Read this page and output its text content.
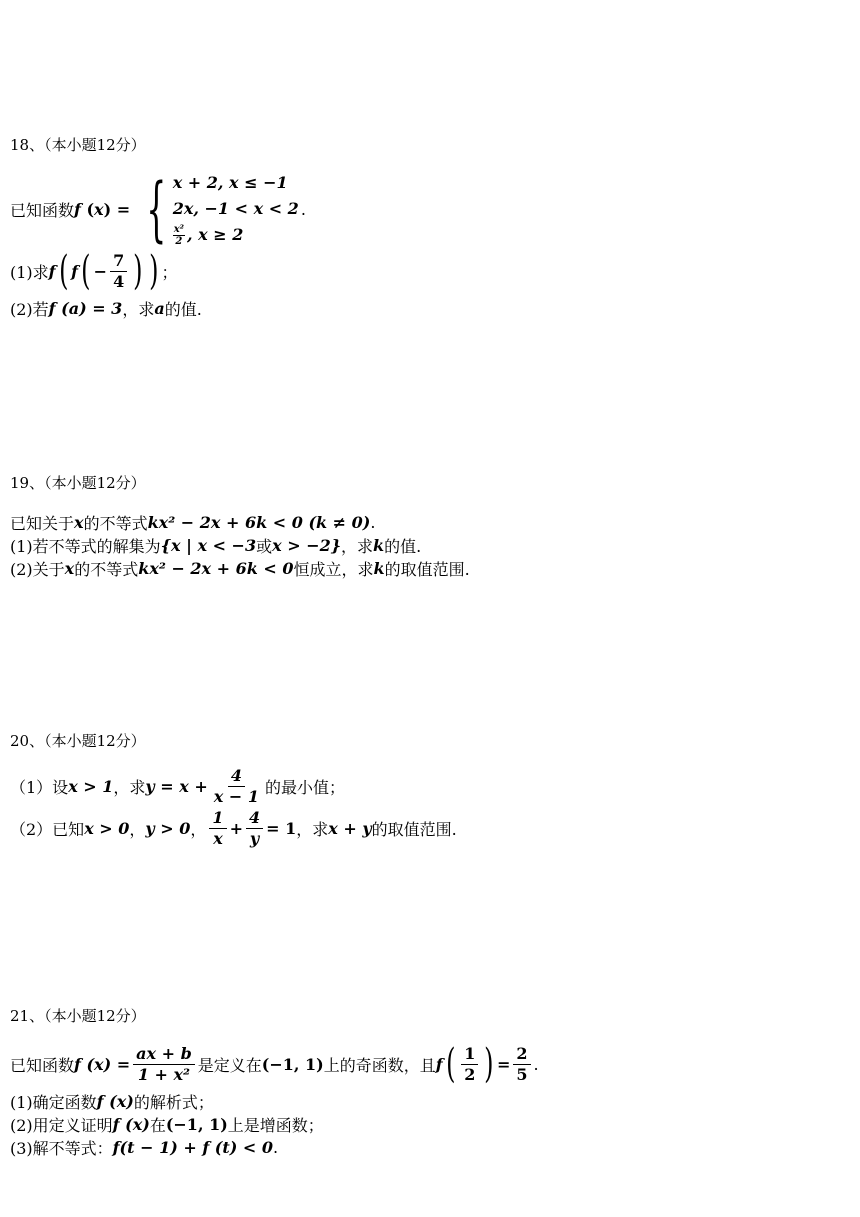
18、（本小题12分）
已知函数 f ( x ) = { x + 2, x ≤ −1
2x, −1 < x < 2
$\frac{\text{x²}}{2}$ , x ≥ 2
.
(1)求 f ( f ( − $\frac{7}{4}$ ) ) ；
(2)若 f (a) = 3 ，求 a 的值.
19、（本小题12分）
已知关于 x 的不等式 kx² − 2x + 6k < 0 (k ≠ 0) .
(1)若不等式的解集为 {x | x < −3 或 x > −2} ，求 k 的值.
(2)关于 x 的不等式 kx² − 2x + 6k < 0 恒成立，求 k 的取值范围.
20、（本小题12分）
（1）设 x > 1 ，求 $y = x + \frac{4}{x - 1}$ 的最小值；
（2）已知 x > 0 ， y > 0 ， $\frac{1}{x} + \frac{4}{y} = 1$ ，求 x + y 的取值范围.
21、（本小题12分）
已知函数 f $(x) = \frac{ax + b}{\text{1 + x²}}$ 是定义在 (−1, 1) 上的奇函数，且 f ( $\frac{1}{2}$ ) = $\frac{2}{5}$ .
(1)确定函数 f (x) 的解析式；
(2)用定义证明 f (x) 在 (−1, 1) 上是增函数；
(3)解不等式： f(t − 1) + f (t) < 0 .
